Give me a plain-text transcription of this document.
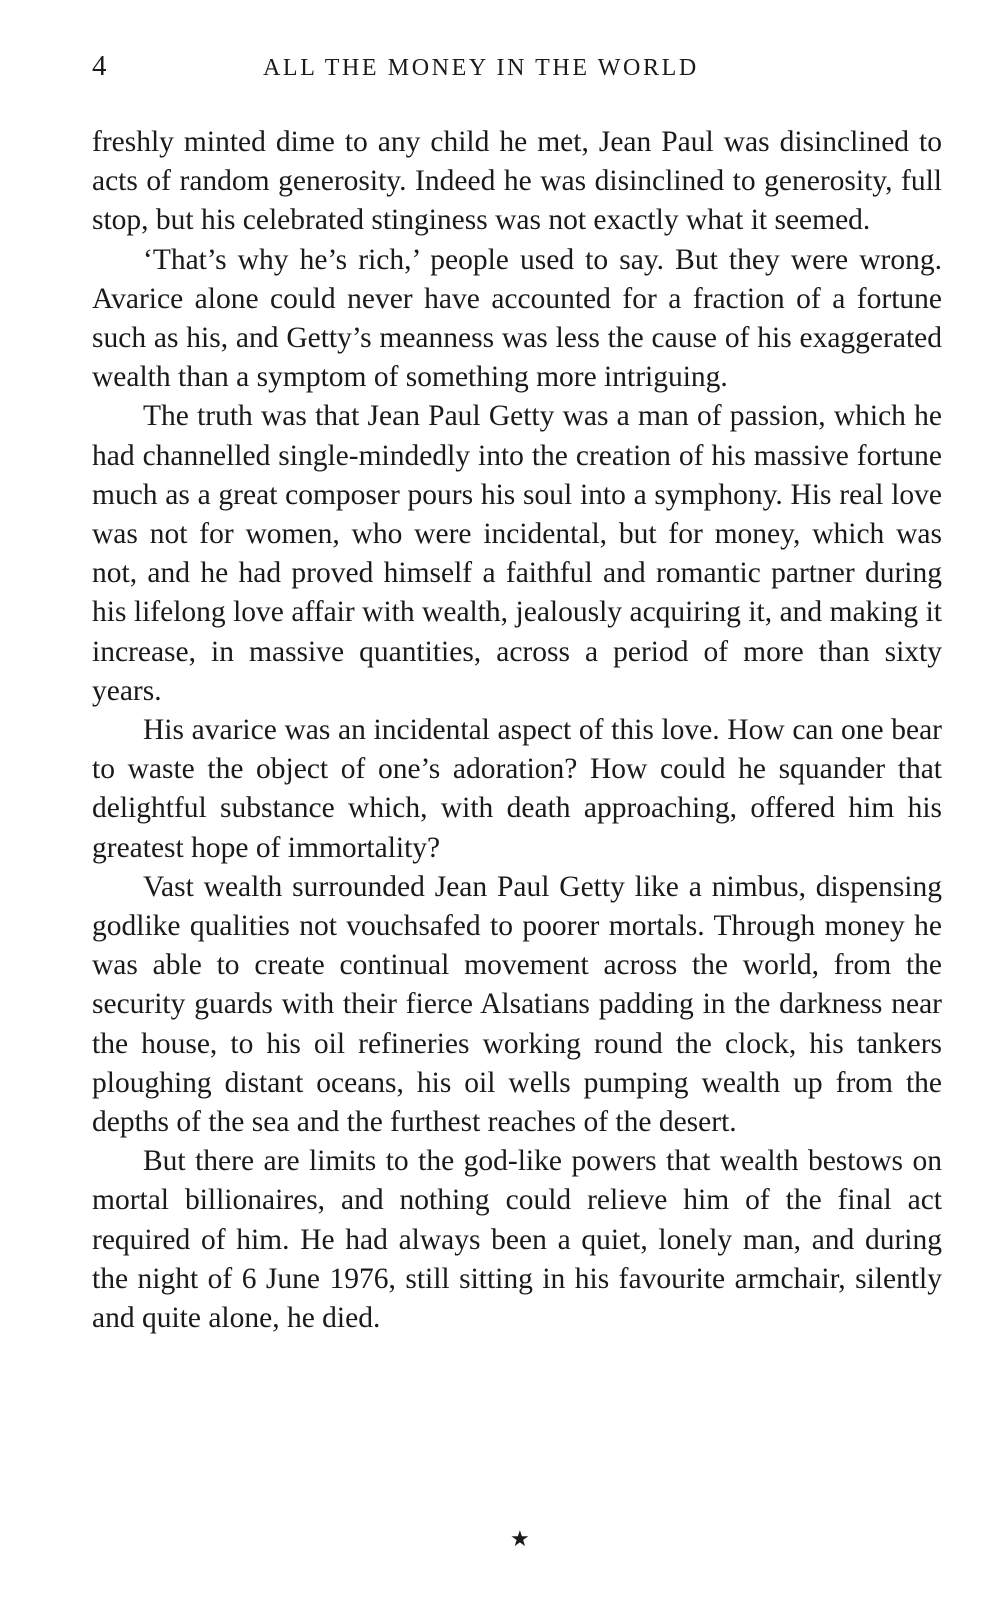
4	ALL THE MONEY IN THE WORLD

freshly minted dime to any child he met, Jean Paul was disinclined to acts of random generosity. Indeed he was disinclined to generosity, full stop, but his celebrated stinginess was not exactly what it seemed.

‘That’s why he’s rich,’ people used to say. But they were wrong. Avarice alone could never have accounted for a fraction of a fortune such as his, and Getty’s meanness was less the cause of his exaggerated wealth than a symptom of something more intriguing.

The truth was that Jean Paul Getty was a man of passion, which he had channelled single-mindedly into the creation of his massive fortune much as a great composer pours his soul into a symphony. His real love was not for women, who were incidental, but for money, which was not, and he had proved himself a faithful and romantic partner during his lifelong love affair with wealth, jealously acquiring it, and making it increase, in massive quantities, across a period of more than sixty years.

His avarice was an incidental aspect of this love. How can one bear to waste the object of one’s adoration? How could he squander that delightful substance which, with death approaching, offered him his greatest hope of immortality?

Vast wealth surrounded Jean Paul Getty like a nimbus, dispensing godlike qualities not vouchsafed to poorer mortals. Through money he was able to create continual movement across the world, from the security guards with their fierce Alsatians padding in the darkness near the house, to his oil refineries working round the clock, his tankers ploughing distant oceans, his oil wells pumping wealth up from the depths of the sea and the furthest reaches of the desert.

But there are limits to the god-like powers that wealth bestows on mortal billionaires, and nothing could relieve him of the final act required of him. He had always been a quiet, lonely man, and during the night of 6 June 1976, still sitting in his favourite armchair, silently and quite alone, he died.

★
